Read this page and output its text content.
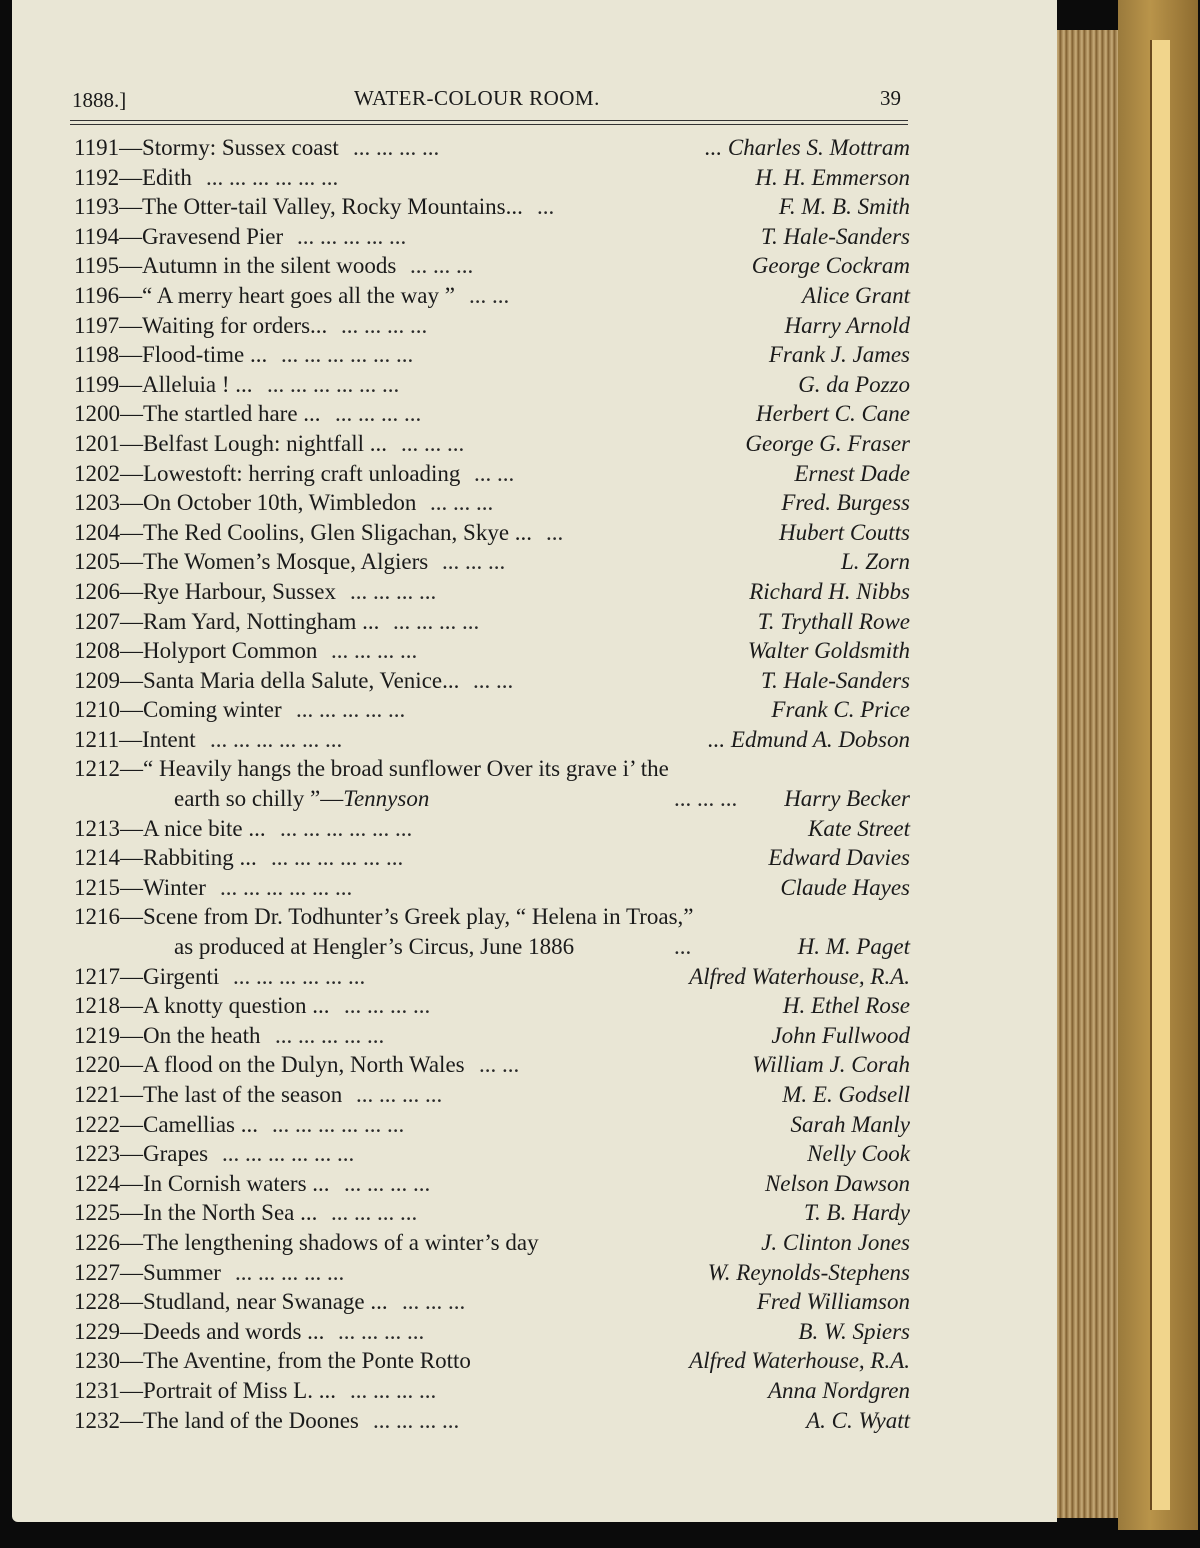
1888.]	WATER-COLOUR ROOM.	39
1191— Stormy: Sussex coast ... ... ... ...	... Charles S. Mottram
1192— Edith ... ... ... ... ... ...	H. H. Emmerson
1193— The Otter-tail Valley, Rocky Mountains... ...	F. M. B. Smith
1194— Gravesend Pier ... ... ... ... ...	T. Hale-Sanders
1195— Autumn in the silent woods ... ... ...	George Cockram
1196— “ A merry heart goes all the way ” ... ...	Alice Grant
1197— Waiting for orders... ... ... ... ...	Harry Arnold
1198— Flood-time ... ... ... ... ... ... ...	Frank J. James
1199— Alleluia ! ... ... ... ... ... ... ...	G. da Pozzo
1200— The startled hare ... ... ... ... ...	Herbert C. Cane
1201— Belfast Lough: nightfall ... ... ... ...	George G. Fraser
1202— Lowestoft: herring craft unloading ... ...	Ernest Dade
1203— On October 10th, Wimbledon ... ... ...	Fred. Burgess
1204— The Red Coolins, Glen Sligachan, Skye ... ...	Hubert Coutts
1205— The Women’s Mosque, Algiers ... ... ...	L. Zorn
1206— Rye Harbour, Sussex ... ... ... ...	Richard H. Nibbs
1207— Ram Yard, Nottingham ... ... ... ... ...	T. Trythall Rowe
1208— Holyport Common ... ... ... ...	Walter Goldsmith
1209— Santa Maria della Salute, Venice... ... ...	T. Hale-Sanders
1210— Coming winter ... ... ... ... ...	Frank C. Price
1211— Intent ... ... ... ... ... ...	... Edmund A. Dobson
1212— “ Heavily hangs the broad sunflower Over its grave i’ the
earth so chilly ”—Tennyson	... ... ... Harry Becker
1213— A nice bite ... ... ... ... ... ... ...	Kate Street
1214— Rabbiting ... ... ... ... ... ... ...	Edward Davies
1215— Winter ... ... ... ... ... ...	Claude Hayes
1216— Scene from Dr. Todhunter’s Greek play, “ Helena in Troas,”
as produced at Hengler’s Circus, June 1886	...	H. M. Paget
1217— Girgenti ... ... ... ... ... ...	Alfred Waterhouse, R.A.
1218— A knotty question ... ... ... ... ...	H. Ethel Rose
1219— On the heath ... ... ... ... ...	John Fullwood
1220— A flood on the Dulyn, North Wales ... ...	William J. Corah
1221— The last of the season ... ... ... ...	M. E. Godsell
1222— Camellias ... ... ... ... ... ... ...	Sarah Manly
1223— Grapes ... ... ... ... ... ...	Nelly Cook
1224— In Cornish waters ... ... ... ... ...	Nelson Dawson
1225— In the North Sea ... ... ... ... ...	T. B. Hardy
1226— The lengthening shadows of a winter’s day	J. Clinton Jones
1227— Summer ... ... ... ... ...	W. Reynolds-Stephens
1228— Studland, near Swanage ... ... ... ...	Fred Williamson
1229— Deeds and words ... ... ... ... ...	B. W. Spiers
1230— The Aventine, from the Ponte Rotto	Alfred Waterhouse, R.A.
1231— Portrait of Miss L. ... ... ... ... ...	Anna Nordgren
1232— The land of the Doones ... ... ... ...	A. C. Wyatt
